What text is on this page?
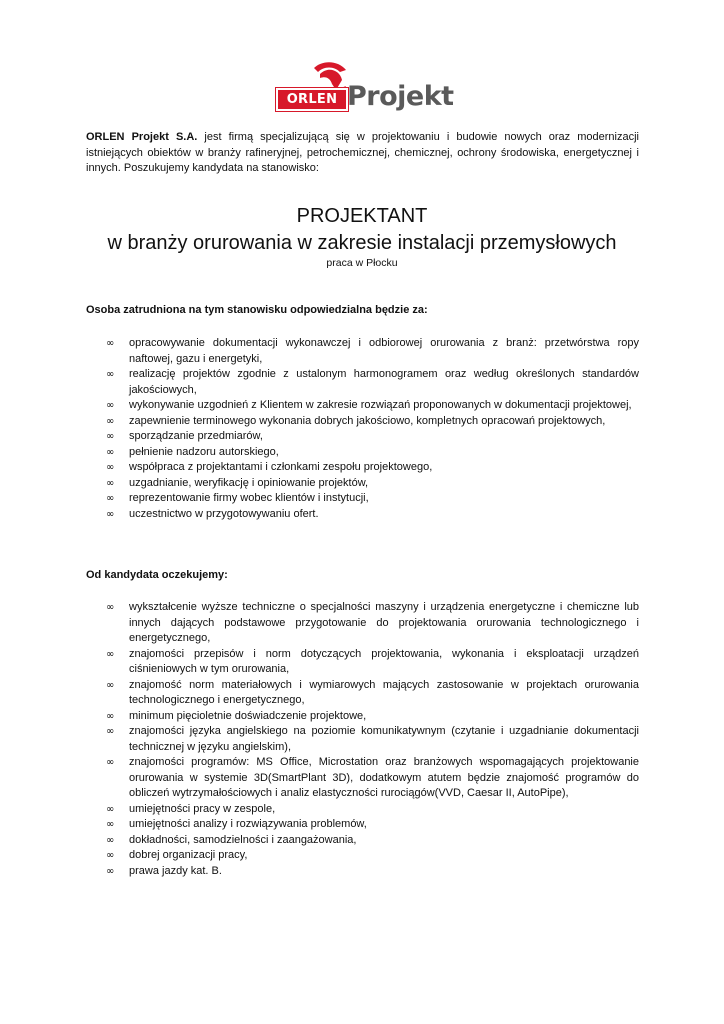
ORLEN Projekt
ORLEN Projekt S.A. jest firmą specjalizującą się w projektowaniu i budowie nowych oraz modernizacji istniejących obiektów w branży rafineryjnej, petrochemicznej, chemicznej, ochrony środowiska, energetycznej i innych. Poszukujemy kandydata na stanowisko:
PROJEKTANT
w branży orurowania w zakresie instalacji przemysłowych
praca w Płocku
Osoba zatrudniona na tym stanowisku odpowiedzialna będzie za:
∞ opracowywanie dokumentacji wykonawczej i odbiorowej orurowania z branż: przetwórstwa ropy naftowej, gazu i energetyki,
∞ realizację projektów zgodnie z ustalonym harmonogramem oraz według określonych standardów jakościowych,
∞ wykonywanie uzgodnień z Klientem w zakresie rozwiązań proponowanych w dokumentacji projektowej,
∞ zapewnienie terminowego wykonania dobrych jakościowo, kompletnych opracowań projektowych,
∞ sporządzanie przedmiarów,
∞ pełnienie nadzoru autorskiego,
∞ współpraca z projektantami i członkami zespołu projektowego,
∞ uzgadnianie, weryfikację i opiniowanie projektów,
∞ reprezentowanie firmy wobec klientów i instytucji,
∞ uczestnictwo w przygotowywaniu ofert.
Od kandydata oczekujemy:
∞ wykształcenie wyższe techniczne o specjalności maszyny i urządzenia energetyczne i chemiczne lub innych dających podstawowe przygotowanie do projektowania orurowania technologicznego i energetycznego,
∞ znajomości przepisów i norm dotyczących projektowania, wykonania i eksploatacji urządzeń ciśnieniowych w tym orurowania,
∞ znajomość norm materiałowych i wymiarowych mających zastosowanie w projektach orurowania technologicznego i energetycznego,
∞ minimum pięcioletnie doświadczenie projektowe,
∞ znajomości języka angielskiego na poziomie komunikatywnym (czytanie i uzgadnianie dokumentacji technicznej w języku angielskim),
∞ znajomości programów: MS Office, Microstation oraz branżowych wspomagających projektowanie orurowania w systemie 3D(SmartPlant 3D), dodatkowym atutem będzie znajomość programów do obliczeń wytrzymałościowych i analiz elastyczności rurociągów(VVD, Caesar II, AutoPipe),
∞ umiejętności pracy w zespole,
∞ umiejętności analizy i rozwiązywania problemów,
∞ dokładności, samodzielności i zaangażowania,
∞ dobrej organizacji pracy,
∞ prawa jazdy kat. B.
